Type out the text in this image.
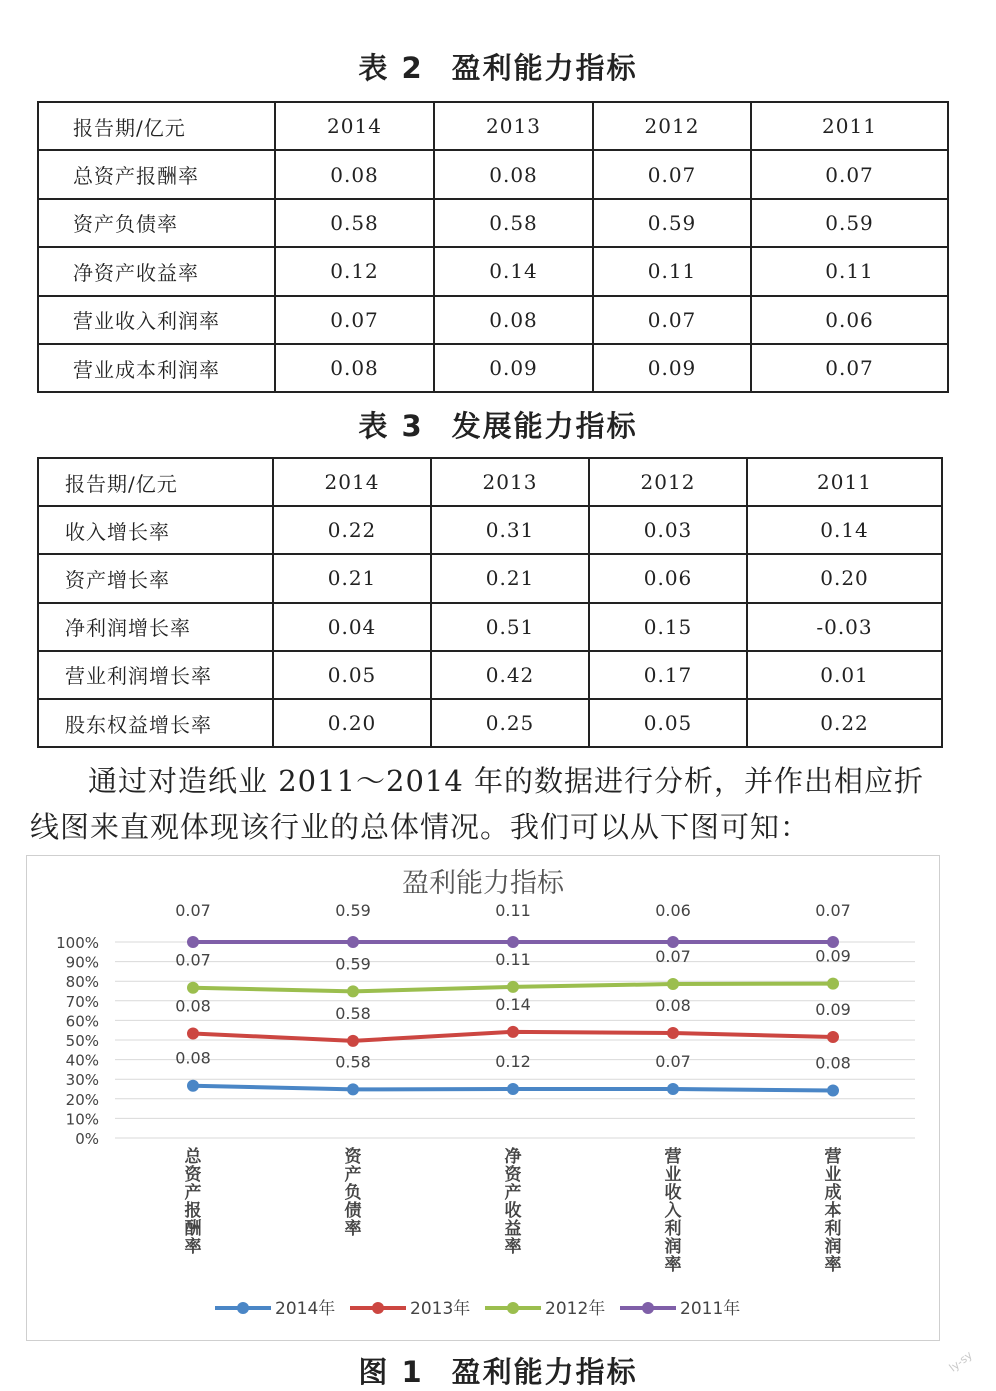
表 2 盈利能力指标
报告期/亿元	2014	2013	2012	2011
总资产报酬率	0.08	0.08	0.07	0.07
资产负债率	0.58	0.58	0.59	0.59
净资产收益率	0.12	0.14	0.11	0.11
营业收入利润率	0.07	0.08	0.07	0.06
营业成本利润率	0.08	0.09	0.09	0.07
表 3 发展能力指标
报告期/亿元	2014	2013	2012	2011
收入增长率	0.22	0.31	0.03	0.14
资产增长率	0.21	0.21	0.06	0.20
净利润增长率	0.04	0.51	0.15	-0.03
营业利润增长率	0.05	0.42	0.17	0.01
股东权益增长率	0.20	0.25	0.05	0.22

通过对造纸业 2011～2014 年的数据进行分析，并作出相应折

线图来直观体现该行业的总体情况。我们可以从下图可知：

盈利能力指标
0%
10%
20%
30%
40%
50%
60%
70%
80%
90%
100%
0.08	0.58	0.12	0.07	0.08
0.08	0.58	0.14	0.08	0.09
0.07	0.59	0.11	0.07	0.09
0.07	0.59	0.11	0.06	0.07
总
资
产
报
酬
率
资
产
负
债
率
净
资
产
收
益
率
营
业
收
入
利
润
率
营
业
成
本
利
润
率
2014年	2013年	2012年	2011年
图 1 盈利能力指标	ly-sy
